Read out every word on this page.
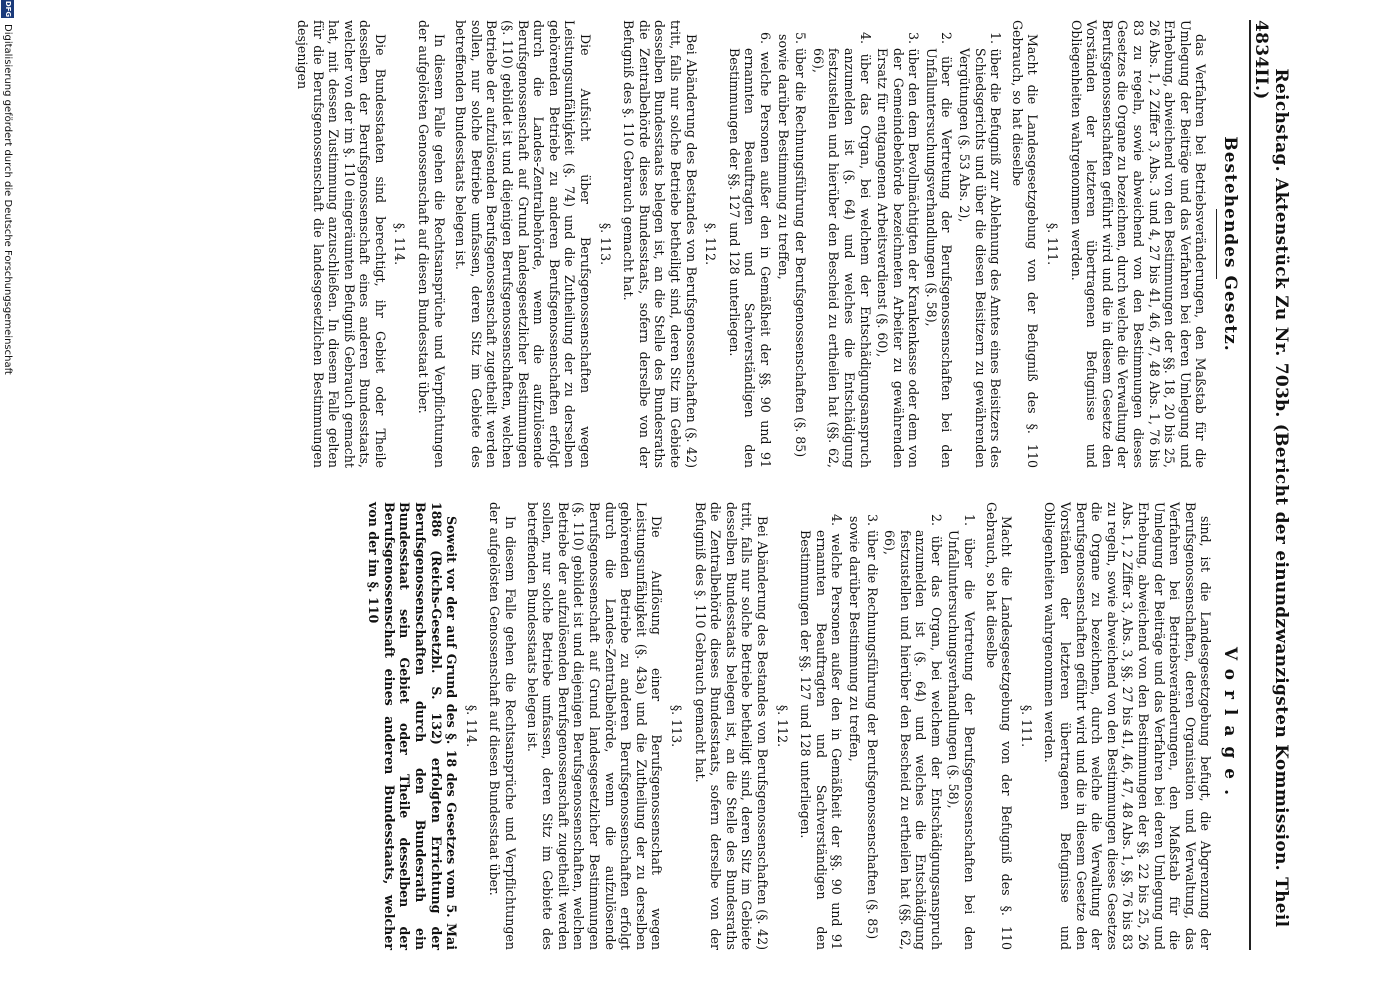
4834
Reichstag. Aktenstück Zu Nr. 703b. (Bericht der einundzwanzigsten Kommission. Theil II.)
Bestehendes Gesetz.

das Verfahren bei Betriebsveränderungen, den Maßstab für die Umlegung der Beiträge und das Verfahren bei deren Umlegung und Erhebung, abweichend von den Bestimmungen der §§. 18, 20 bis 25, 26 Abs. 1, 2 Ziffer 3, Abs. 3 und 4, 27 bis 41, 46, 47, 48 Abs. 1, 76 bis 83 zu regeln, sowie abweichend von den Bestimmungen dieses Gesetzes die Organe zu bezeichnen, durch welche die Verwaltung der Berufsgenossenschaften geführt wird und die in diesem Gesetze den Vorständen der letzteren übertragenen Befugnisse und Obliegenheiten wahrgenommen werden.

§. 111.

Macht die Landesgesetzgebung von der Befugniß des §. 110 Gebrauch, so hat dieselbe

1. über die Befugniß zur Ablehnung des Amtes eines Beisitzers des Schiedsgerichts und über die diesen Beisitzern zu gewährenden Vergütungen (§. 53 Abs. 2),

2. über die Vertretung der Berufsgenossenschaften bei den Unfalluntersuchungsverhandlungen (§. 58),

3. über den dem Bevollmächtigten der Krankenkasse oder dem von der Gemeindebehörde bezeichneten Arbeiter zu gewährenden Ersatz für entgangenen Arbeitsverdienst (§. 60),

4. über das Organ, bei welchem der Entschädigungsanspruch anzumelden ist (§. 64) und welches die Entschädigung festzustellen und hierüber den Bescheid zu ertheilen hat (§§. 62, 66),

5. über die Rechnungsführung der Berufsgenossenschaften (§. 85)

sowie darüber Bestimmung zu treffen,

6. welche Personen außer den in Gemäßheit der §§. 90 und 91 ernannten Beauftragten und Sachverständigen den Bestimmungen der §§. 127 und 128 unterliegen.

§. 112.

Bei Abänderung des Bestandes von Berufsgenossenschaften (§. 42) tritt, falls nur solche Betriebe betheiligt sind, deren Sitz im Gebiete desselben Bundesstaats belegen ist, an die Stelle des Bundesraths die Zentralbehörde dieses Bundesstaats, sofern derselbe von der Befugniß des §. 110 Gebrauch gemacht hat.

§. 113.

Die Aufsicht über Berufsgenossenschaften wegen Leistungsunfähigkeit (§. 74) und die Zutheilung der zu derselben gehörenden Betriebe zu anderen Berufsgenossenschaften erfolgt durch die Landes-Zentralbehörde, wenn die aufzulösende Berufsgenossenschaft auf Grund landesgesetzlicher Bestimmungen (§. 110) gebildet ist und diejenigen Berufsgenossenschaften, welchen Betriebe der aufzulösenden Berufsgenossenschaft zugetheilt werden sollen, nur solche Betriebe umfassen, deren Sitz im Gebiete des betreffenden Bundesstaats belegen ist.

In diesem Falle gehen die Rechtsansprüche und Verpflichtungen der aufgelösten Genossenschaft auf diesen Bundesstaat über.

§. 114.

Die Bundesstaaten sind berechtigt, ihr Gebiet oder Theile desselben der Berufsgenossenschaft eines anderen Bundesstaats, welcher von der im §. 110 eingeräumten Befugniß Gebrauch gemacht hat, mit dessen Zustimmung anzuschließen. In diesem Falle gelten für die Berufsgenossenschaft die landesgesetzlichen Bestimmungen desjenigen

Vorlage.

sind, ist die Landesgesetzgebung befugt, die Abgrenzung der Berufsgenossenschaften, deren Organisation und Verwaltung, das Verfahren bei Betriebsveränderungen, den Maßstab für die Umlegung der Beiträge und das Verfahren bei deren Umlegung und Erhebung, abweichend von den Bestimmungen der §§. 22 bis 25, 26 Abs. 1, 2 Ziffer 3, Abs. 3, §§. 27 bis 41, 46, 47, 48 Abs. 1, §§. 76 bis 83 zu regeln, sowie abweichend von den Bestimmungen dieses Gesetzes die Organe zu bezeichnen, durch welche die Verwaltung der Berufsgenossenschaften geführt wird und die in diesem Gesetze den Vorständen der letzteren übertragenen Befugnisse und Obliegenheiten wahrgenommen werden.

§. 111.

Macht die Landesgesetzgebung von der Befugniß des §. 110 Gebrauch, so hat dieselbe

1. über die Vertretung der Berufsgenossenschaften bei den Unfalluntersuchungsverhandlungen (§. 58),

2. über das Organ, bei welchem der Entschädigungsanspruch anzumelden ist (§. 64) und welches die Entschädigung festzustellen und hierüber den Bescheid zu ertheilen hat (§§. 62, 66),

3. über die Rechnungsführung der Berufsgenossenschaften (§. 85)

sowie darüber Bestimmung zu treffen,

4. welche Personen außer den in Gemäßheit der §§. 90 und 91 ernannten Beauftragten und Sachverständigen den Bestimmungen der §§. 127 und 128 unterliegen.

§. 112.

Bei Abänderung des Bestandes von Berufsgenossenschaften (§. 42) tritt, falls nur solche Betriebe betheiligt sind, deren Sitz im Gebiete desselben Bundesstaats belegen ist, an die Stelle des Bundesraths die Zentralbehörde dieses Bundesstaats, sofern derselbe von der Befugniß des §. 110 Gebrauch gemacht hat.

§. 113.

Die Auflösung einer Berufsgenossenschaft wegen Leistungsunfähigkeit (§. 43a) und die Zutheilung der zu derselben gehörenden Betriebe zu anderen Berufsgenossenschaften erfolgt durch die Landes-Zentralbehörde, wenn die aufzulösende Berufsgenossenschaft auf Grund landesgesetzlicher Bestimmungen (§. 110) gebildet ist und diejenigen Berufsgenossenschaften, welchen Betriebe der aufzulösenden Berufsgenossenschaft zugetheilt werden sollen, nur solche Betriebe umfassen, deren Sitz im Gebiete des betreffenden Bundesstaats belegen ist.

In diesem Falle gehen die Rechtsansprüche und Verpflichtungen der aufgelösten Genossenschaft auf diesen Bundesstaat über.

§. 114.

Soweit vor der auf Grund des §. 18 des Gesetzes vom 5. Mai 1886 (Reichs-Gesetzbl. S. 132) erfolgten Errichtung der Berufsgenossenschaften durch den Bundesrath ein Bundesstaat sein Gebiet oder Theile desselben der Berufsgenossenschaft eines anderen Bundesstaats, welcher von der im §. 110

DFG
Digitalisierung gefördert durch die Deutsche Forschungsgemeinschaft
